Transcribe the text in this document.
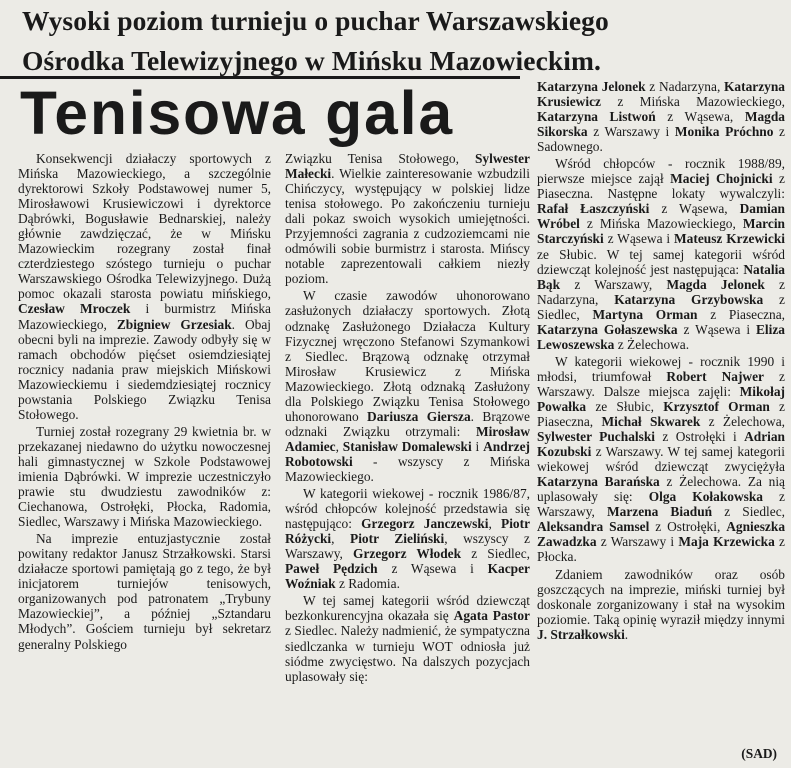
Wysoki poziom turnieju o puchar Warszawskiego
Ośrodka Telewizyjnego w Mińsku Mazowieckim.
Tenisowa gala

Konsekwencji działaczy sportowych z Mińska Mazowieckiego, a szczególnie dyrektorowi Szkoły Podstawowej numer 5, Mirosławowi Krusiewiczowi i dyrektorce Dąbrówki, Bogusławie Bednarskiej, należy głównie zawdzięczać, że w Mińsku Mazowieckim rozegrany został finał czterdziestego szóstego turnieju o puchar Warszawskiego Ośrodka Telewizyjnego. Dużą pomoc okazali starosta powiatu mińskiego, Czesław Mroczek i burmistrz Mińska Mazowieckiego, Zbigniew Grzesiak. Obaj obecni byli na imprezie. Zawody odbyły się w ramach obchodów pięćset osiemdziesiątej rocznicy nadania praw miejskich Mińskowi Mazowieckiemu i siedemdziesiątej rocznicy powstania Polskiego Związku Tenisa Stołowego.

Turniej został rozegrany 29 kwietnia br. w przekazanej niedawno do użytku nowoczesnej hali gimnastycznej w Szkole Podstawowej imienia Dąbrówki. W imprezie uczestniczyło prawie stu dwudziestu zawodników z: Ciechanowa, Ostrołęki, Płocka, Radomia, Siedlec, Warszawy i Mińska Mazowieckiego.

Na imprezie entuzjastycznie został powitany redaktor Janusz Strzałkowski. Starsi działacze sportowi pamiętają go z tego, że był inicjatorem turniejów tenisowych, organizowanych pod patronatem „Trybuny Mazowieckiej”, a później „Sztandaru Młodych”. Gościem turnieju był sekretarz generalny Polskiego

Związku Tenisa Stołowego, Sylwester Małecki. Wielkie zainteresowanie wzbudzili Chińczycy, występujący w polskiej lidze tenisa stołowego. Po zakończeniu turnieju dali pokaz swoich wysokich umiejętności. Przyjemności zagrania z cudzoziemcami nie odmówili sobie burmistrz i starosta. Mińscy notable zaprezentowali całkiem niezły poziom.

W czasie zawodów uhonorowano zasłużonych działaczy sportowych. Złotą odznakę Zasłużonego Działacza Kultury Fizycznej wręczono Stefanowi Szymankowi z Siedlec. Brązową odznakę otrzymał Mirosław Krusiewicz z Mińska Mazowieckiego. Złotą odznaką Zasłużony dla Polskiego Związku Tenisa Stołowego uhonorowano Dariusza Giersza. Brązowe odznaki Związku otrzymali: Mirosław Adamiec, Stanisław Domalewski i Andrzej Robotowski - wszyscy z Mińska Mazowieckiego.

W kategorii wiekowej - rocznik 1986/87, wśród chłopców kolejność przedstawia się następująco: Grzegorz Janczewski, Piotr Różycki, Piotr Zieliński, wszyscy z Warszawy, Grzegorz Włodek z Siedlec, Paweł Pędzich z Wąsewa i Kacper Woźniak z Radomia.

W tej samej kategorii wśród dziewcząt bezkonkurencyjna okazała się Agata Pastor z Siedlec. Należy nadmienić, że sympatyczna siedlczanka w turnieju WOT odniosła już siódme zwycięstwo. Na dalszych pozycjach uplasowały się:

Katarzyna Jelonek z Nadarzyna, Katarzyna Krusiewicz z Mińska Mazowieckiego, Katarzyna Listwoń z Wąsewa, Magda Sikorska z Warszawy i Monika Próchno z Sadownego.

Wśród chłopców - rocznik 1988/89, pierwsze miejsce zajął Maciej Chojnicki z Piaseczna. Następne lokaty wywalczyli: Rafał Łaszczyński z Wąsewa, Damian Wróbel z Mińska Mazowieckiego, Marcin Starczyński z Wąsewa i Mateusz Krzewicki ze Słubic. W tej samej kategorii wśród dziewcząt kolejność jest następująca: Natalia Bąk z Warszawy, Magda Jelonek z Nadarzyna, Katarzyna Grzybowska z Siedlec, Martyna Orman z Piaseczna, Katarzyna Gołaszewska z Wąsewa i Eliza Lewoszewska z Żelechowa.

W kategorii wiekowej - rocznik 1990 i młodsi, triumfował Robert Najwer z Warszawy. Dalsze miejsca zajęli: Mikołaj Powałka ze Słubic, Krzysztof Orman z Piaseczna, Michał Skwarek z Żelechowa, Sylwester Puchalski z Ostrołęki i Adrian Kozubski z Warszawy. W tej samej kategorii wiekowej wśród dziewcząt zwyciężyła Katarzyna Barańska z Żelechowa. Za nią uplasowały się: Olga Kołakowska z Warszawy, Marzena Biaduń z Siedlec, Aleksandra Samsel z Ostrołęki, Agnieszka Zawadzka z Warszawy i Maja Krzewicka z Płocka.

Zdaniem zawodników oraz osób goszczących na imprezie, miński turniej był doskonale zorganizowany i stał na wysokim poziomie. Taką opinię wyraził między innymi J. Strzałkowski.

(SAD)
